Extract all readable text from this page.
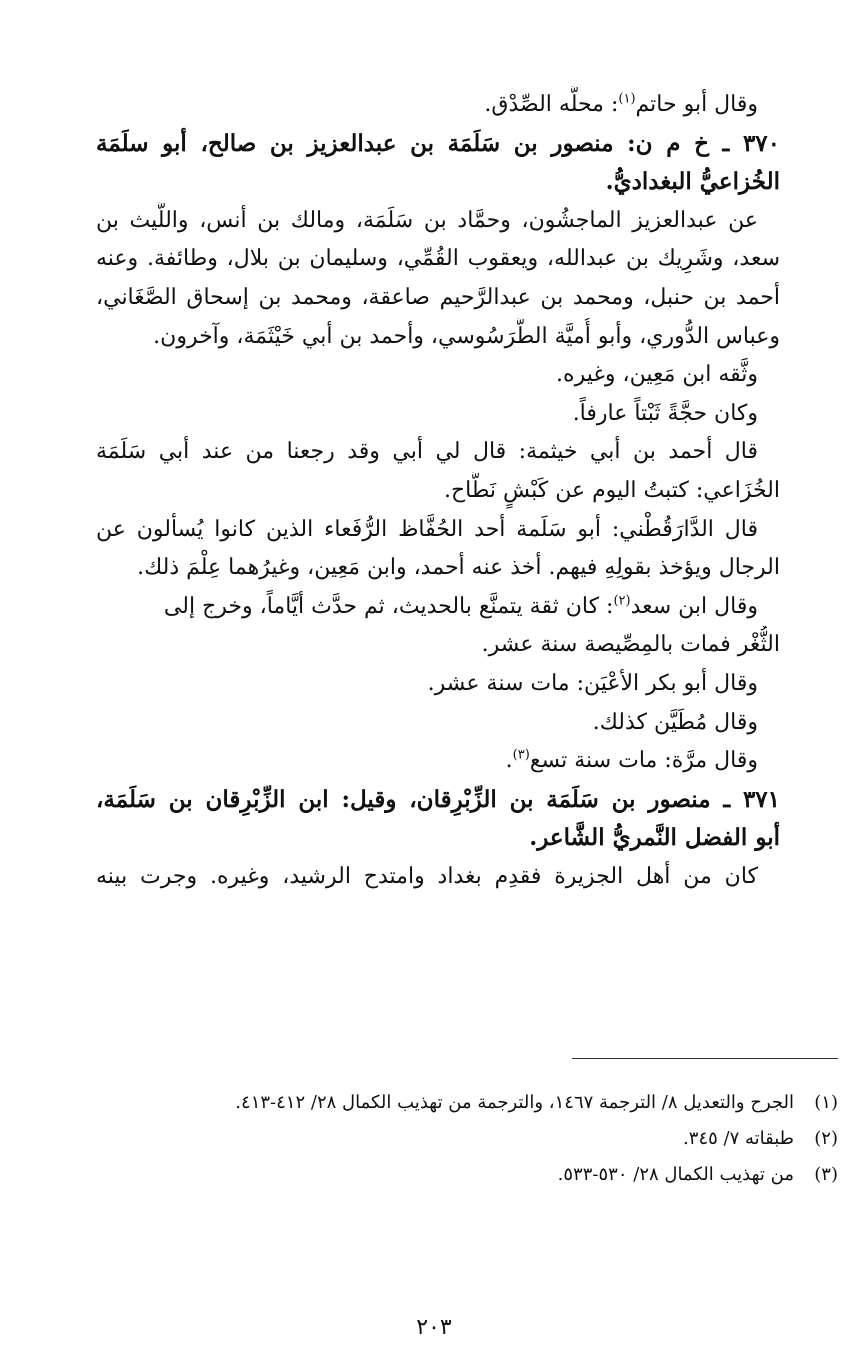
وقال أبو حاتم$^{(١)}$: محلُّه الصِّدْق.
٣٧٠ ـ خ م ن: منصور بن سَلَمَة بن عبدالعزيز بن صالح، أبو سلَمَة
الخُزاعيُّ البغداديُّ.
عن عبدالعزيز الماجشُون، وحمَّاد بن سَلَمَة، ومالك بن أنس، واللَّيث بن
سعد، وشَرِيك بن عبدالله، ويعقوب القُمِّي، وسليمان بن بلال، وطائفة. وعنه
أحمد بن حنبل، ومحمد بن عبدالرَّحيم صاعقة، ومحمد بن إسحاق الصَّغَاني،
وعباس الدُّوري، وأبو أُميَّة الطَّرَسُوسي، وأحمد بن أبي خَيْثَمَة، وآخرون.
وثَّقه ابن مَعِين، وغيره.
وكان حجَّةً ثَبْتاً عارفاً.
قال أحمد بن أبي خيثمة: قال لي أبي وقد رجعنا من عند أبي سَلَمَة
الخُزَاعي: كتبتُ اليوم عن كَبْشٍ نَطَّاح.
قال الدَّارَقُطْني: أبو سَلَمة أحد الحُفَّاظ الرُّفَعاء الذين كانوا يُسألون عن
الرجال ويؤخذ بقولِهِ فيهم. أخذ عنه أحمد، وابن مَعِين، وغيرُهما عِلْمَ ذلك.
وقال ابن سعد$^{(٢)}$: كان ثقة يتمنَّع بالحديث، ثم حدَّث أيَّاماً، وخرج إلى
الثُّغْر فمات بالمِصِّيصة سنة عشر.
وقال أبو بكر الأعْيَن: مات سنة عشر.
وقال مُطَيَّن كذلك.
وقال مرَّة: مات سنة تسع$^{(٣)}$.
٣٧١ ـ منصور بن سَلَمَة بن الزِّبْرِقان، وقيل: ابن الزِّبْرِقان بن سَلَمَة،
أبو الفضل النَّمريُّ الشَّاعر.
كان من أهل الجزيرة فقدِم بغداد وامتدح الرشيد، وغيره. وجرت بينه
(١)الجرح والتعديل ٨/ الترجمة ١٤٦٧، والترجمة من تهذيب الكمال ٢٨/ ٤١٢-٤١٣.
(٢)طبقاته ٧/ ٣٤٥.
(٣)من تهذيب الكمال ٢٨/ ٥٣٠-٥٣٣.
٢٠٣
